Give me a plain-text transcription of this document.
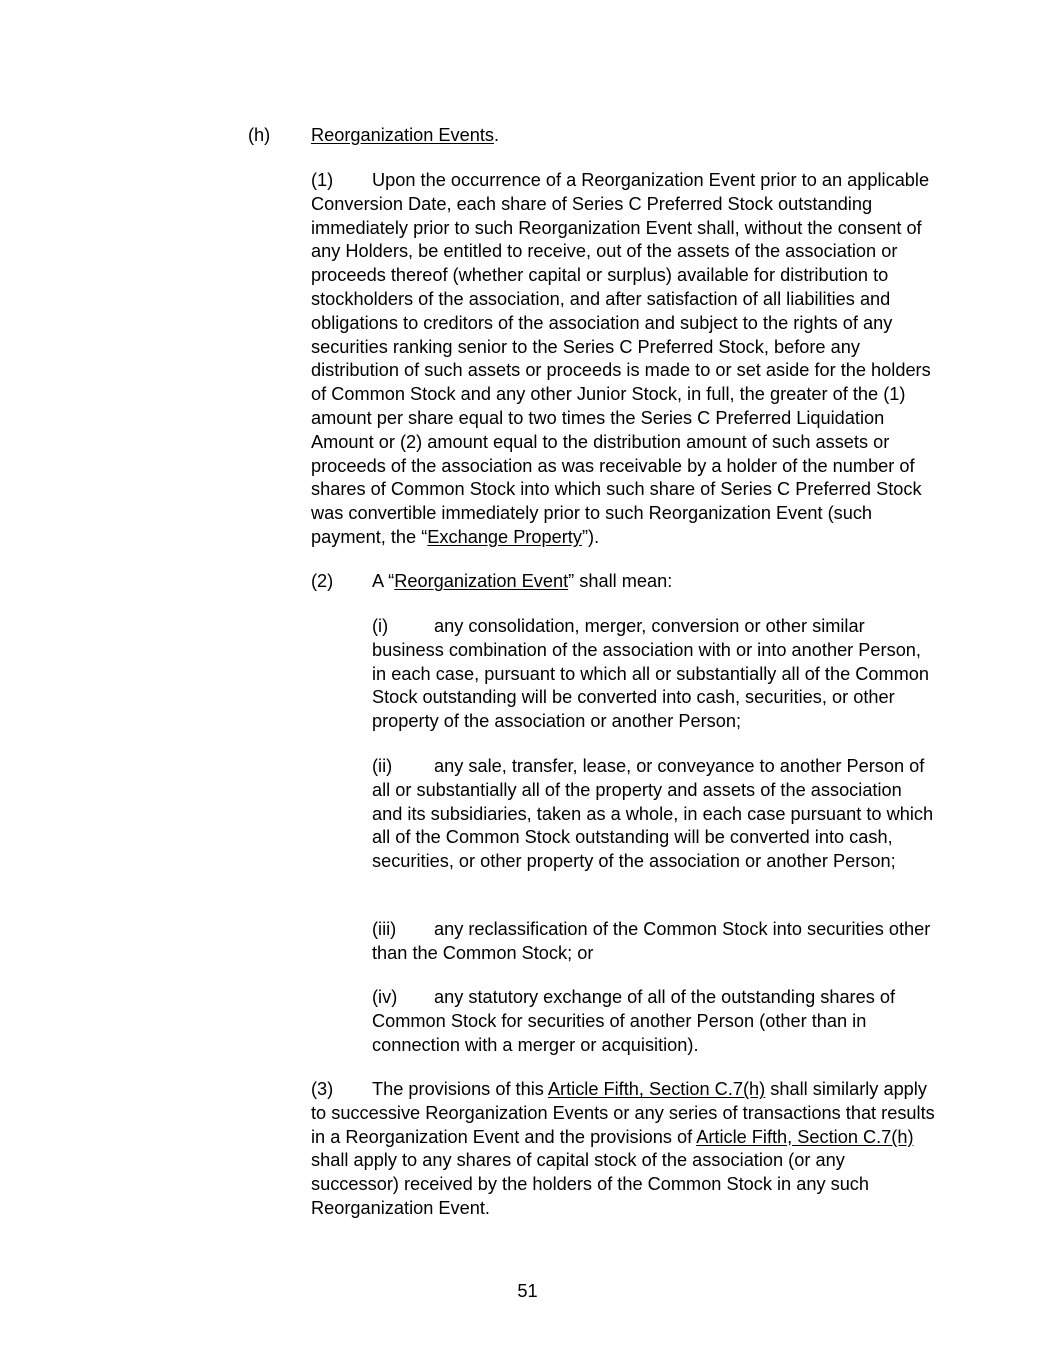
(h) Reorganization Events.
(1) Upon the occurrence of a Reorganization Event prior to an applicable Conversion Date, each share of Series C Preferred Stock outstanding immediately prior to such Reorganization Event shall, without the consent of any Holders, be entitled to receive, out of the assets of the association or proceeds thereof (whether capital or surplus) available for distribution to stockholders of the association, and after satisfaction of all liabilities and obligations to creditors of the association and subject to the rights of any securities ranking senior to the Series C Preferred Stock, before any distribution of such assets or proceeds is made to or set aside for the holders of Common Stock and any other Junior Stock, in full, the greater of the (1) amount per share equal to two times the Series C Preferred Liquidation Amount or (2) amount equal to the distribution amount of such assets or proceeds of the association as was receivable by a holder of the number of shares of Common Stock into which such share of Series C Preferred Stock was convertible immediately prior to such Reorganization Event (such payment, the “Exchange Property”).
(2) A “Reorganization Event” shall mean:
(i)	any consolidation, merger, conversion or other similar business combination of the association with or into another Person, in each case, pursuant to which all or substantially all of the Common Stock outstanding will be converted into cash, securities, or other property of the association or another Person;
(ii) any sale, transfer, lease, or conveyance to another Person of all or substantially all of the property and assets of the association and its subsidiaries, taken as a whole, in each case pursuant to which all of the Common Stock outstanding will be converted into cash, securities, or other property of the association or another Person;
(iii) any reclassification of the Common Stock into securities other than the Common Stock; or
(iv) any statutory exchange of all of the outstanding shares of Common Stock for securities of another Person (other than in connection with a merger or acquisition).
(3) The provisions of this Article Fifth, Section C.7(h) shall similarly apply to successive Reorganization Events or any series of transactions that results in a Reorganization Event and the provisions of Article Fifth, Section C.7(h) shall apply to any shares of capital stock of the association (or any successor) received by the holders of the Common Stock in any such Reorganization Event.
51
